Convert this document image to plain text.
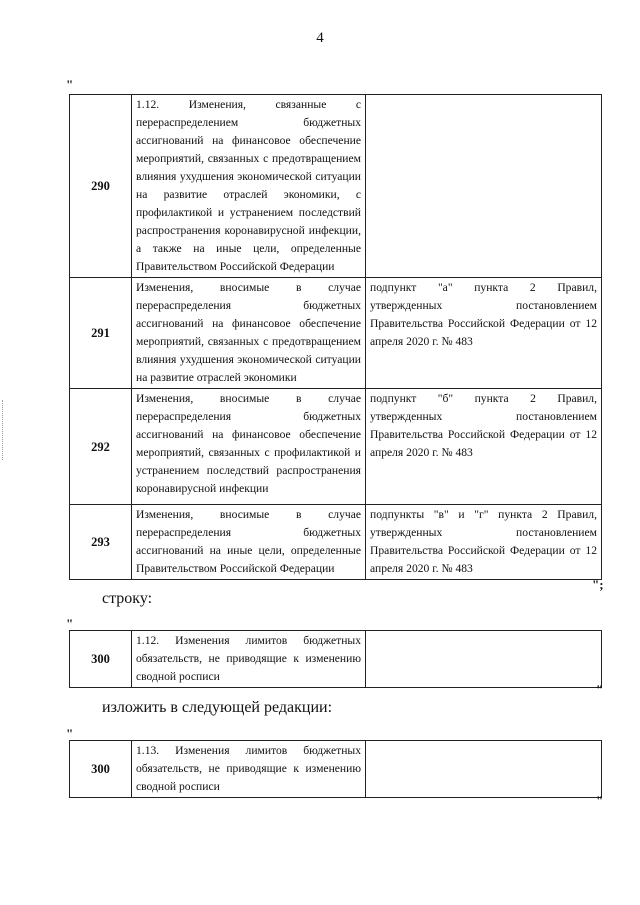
4
"
290	1.12. Изменения, связанные с перераспределением бюджетных ассигнований на финансовое обеспечение мероприятий, связанных с предотвращением влияния ухудшения экономической ситуации на развитие отраслей экономики, с профилактикой и устранением последствий распространения коронавирусной инфекции, а также на иные цели, определенные Правительством Российской Федерации	
291	Изменения, вносимые в случае перераспределения бюджетных ассигнований на финансовое обеспечение мероприятий, связанных с предотвращением влияния ухудшения экономической ситуации на развитие отраслей экономики	подпункт "а" пункта 2 Правил, утвержденных постановлением Правительства Российской Федерации от 12 апреля 2020 г. № 483
292	Изменения, вносимые в случае перераспределения бюджетных ассигнований на финансовое обеспечение мероприятий, связанных с профилактикой и устранением последствий распространения коронавирусной инфекции	подпункт "б" пункта 2 Правил, утвержденных постановлением Правительства Российской Федерации от 12 апреля 2020 г. № 483
293	Изменения, вносимые в случае перераспределения бюджетных ассигнований на иные цели, определенные Правительством Российской Федерации	подпункты "в" и "г" пункта 2 Правил, утвержденных постановлением Правительства Российской Федерации от 12 апреля 2020 г. № 483
";
строку:
"
300	1.12. Изменения лимитов бюджетных обязательств, не приводящие к изменению сводной росписи	
"
изложить в следующей редакции:
"
300	1.13. Изменения лимитов бюджетных обязательств, не приводящие к изменению сводной росписи	
"
